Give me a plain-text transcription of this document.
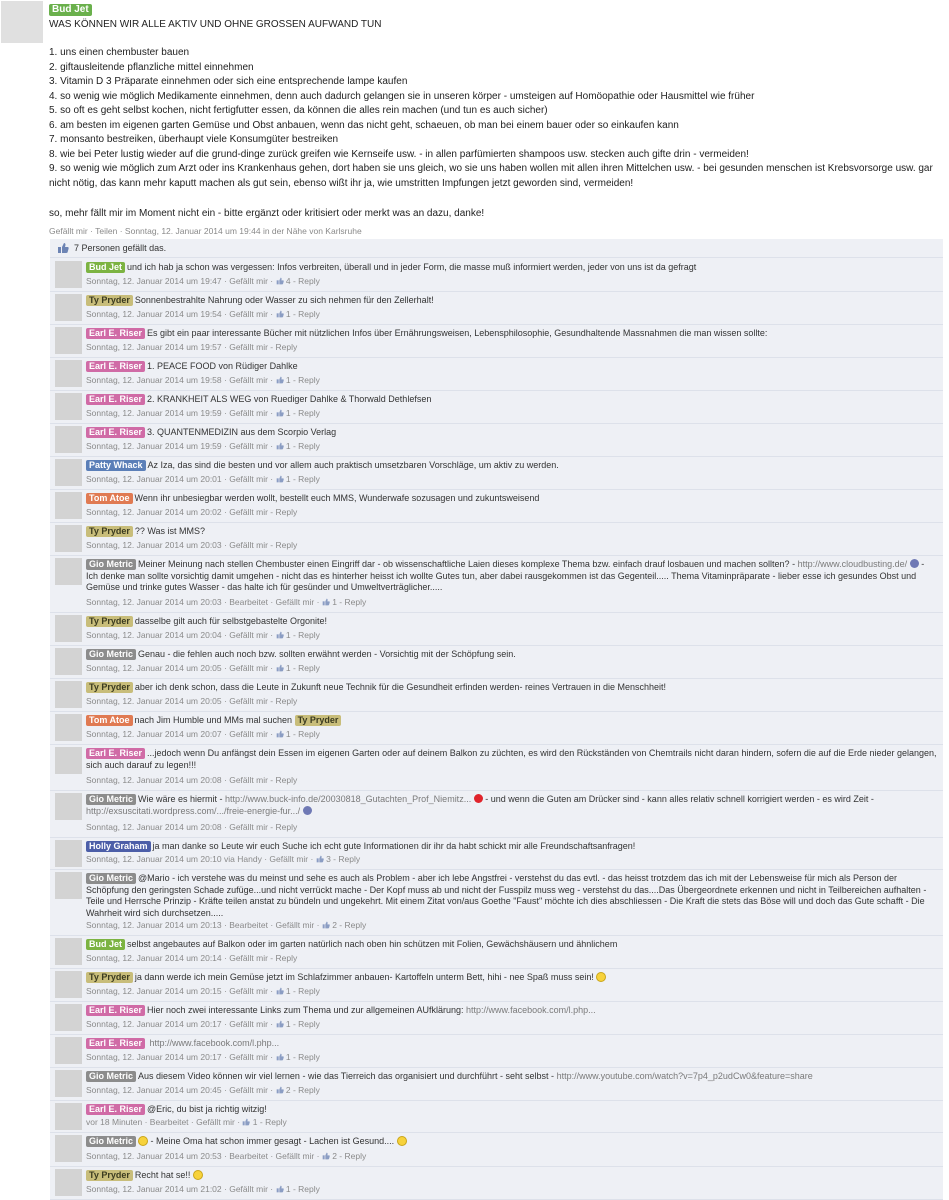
Bud Jet
WAS KÖNNEN WIR ALLE AKTIV UND OHNE GROSSEN AUFWAND TUN
1. uns einen chembuster bauen
2. giftausleitende pflanzliche mittel einnehmen
3. Vitamin D 3 Präparate einnehmen oder sich eine entsprechende lampe kaufen
4. so wenig wie möglich Medikamente einnehmen, denn auch dadurch gelangen sie in unseren körper - umsteigen auf Homöopathie oder Hausmittel wie früher
5. so oft es geht selbst kochen, nicht fertigfutter essen, da können die alles rein machen (und tun es auch sicher)
6. am besten im eigenen garten Gemüse und Obst anbauen, wenn das nicht geht, schaeuen, ob man bei einem bauer oder so einkaufen kann
7. monsanto bestreiken, überhaupt viele Konsumgüter bestreiken
8. wie bei Peter lustig wieder auf die grund-dinge zurück greifen wie Kernseife usw. - in allen parfümierten shampoos usw. stecken auch gifte drin - vermeiden!
9. so wenig wie möglich zum Arzt oder ins Krankenhaus gehen, dort haben sie uns gleich, wo sie uns haben wollen mit allen ihren Mittelchen usw. - bei gesunden menschen ist Krebsvorsorge usw. gar nicht nötig, das kann mehr kaputt machen als gut sein, ebenso wißt ihr ja, wie umstritten Impfungen jetzt geworden sind, vermeiden!
so, mehr fällt mir im Moment nicht ein - bitte ergänzt oder kritisiert oder merkt was an dazu, danke!
Gefällt mir · Teilen · Sonntag, 12. Januar 2014 um 19:44 in der Nähe von Karlsruhe
7 Personen gefällt das.
Bud Jet und ich hab ja schon was vergessen: Infos verbreiten, überall und in jeder Form, die masse muß informiert werden, jeder von uns ist da gefragt
Sonntag, 12. Januar 2014 um 19:47 · Gefällt mir ·  4 - Reply
Ty Pryder Sonnenbestrahlte Nahrung oder Wasser zu sich nehmen für den Zellerhalt!
Sonntag, 12. Januar 2014 um 19:54 · Gefällt mir ·  1 - Reply
Earl E. Riser Es gibt ein paar interessante Bücher mit nützlichen Infos über Ernährungsweisen, Lebensphilosophie, Gesundhaltende Massnahmen die man wissen sollte:
Sonntag, 12. Januar 2014 um 19:57 · Gefällt mir - Reply
Earl E. Riser 1. PEACE FOOD von Rüdiger Dahlke
Sonntag, 12. Januar 2014 um 19:58 · Gefällt mir ·  1 - Reply
Earl E. Riser 2. KRANKHEIT ALS WEG von Ruediger Dahlke & Thorwald Dethlefsen
Sonntag, 12. Januar 2014 um 19:59 · Gefällt mir ·  1 - Reply
Earl E. Riser 3. QUANTENMEDIZIN aus dem Scorpio Verlag
Sonntag, 12. Januar 2014 um 19:59 · Gefällt mir ·  1 - Reply
Patty Whack Az Iza, das sind die besten und vor allem auch praktisch umsetzbaren Vorschläge, um aktiv zu werden.
Sonntag, 12. Januar 2014 um 20:01 · Gefällt mir ·  1 - Reply
Tom Atoe Wenn ihr unbesiegbar werden wollt, bestellt euch MMS, Wunderwafe sozusagen und zukuntsweisend
Sonntag, 12. Januar 2014 um 20:02 · Gefällt mir - Reply
Ty Pryder ?? Was ist MMS?
Sonntag, 12. Januar 2014 um 20:03 · Gefällt mir - Reply
Gio Metric Meiner Meinung nach stellen Chembuster einen Eingriff dar - ob wissenschaftliche Laien dieses komplexe Thema bzw. einfach drauf losbauen und machen sollten? - http://www.cloudbusting.de/ - Ich denke man sollte vorsichtig damit umgehen - nicht das es hinterher heisst ich wollte Gutes tun, aber dabei rausgekommen ist das Gegenteil..... Thema Vitaminpräparate - lieber esse ich gesundes Obst und Gemüse und trinke gutes Wasser - das halte ich für gesünder und Umweltverträglicher.....
Sonntag, 12. Januar 2014 um 20:03 · Bearbeitet · Gefällt mir ·  1 - Reply
Ty Pryder dasselbe gilt auch für selbstgebastelte Orgonite!
Sonntag, 12. Januar 2014 um 20:04 · Gefällt mir ·  1 - Reply
Gio Metric Genau - die fehlen auch noch bzw. sollten erwähnt werden - Vorsichtig mit der Schöpfung sein.
Sonntag, 12. Januar 2014 um 20:05 · Gefällt mir ·  1 - Reply
Ty Pryder aber ich denk schon, dass die Leute in Zukunft neue Technik für die Gesundheit erfinden werden- reines Vertrauen in die Menschheit!
Sonntag, 12. Januar 2014 um 20:05 · Gefällt mir - Reply
Tom Atoe nach Jim Humble und MMs mal suchen Ty Pryder
Sonntag, 12. Januar 2014 um 20:07 · Gefällt mir ·  1 - Reply
Earl E. Riser ...jedoch wenn Du anfängst dein Essen im eigenen Garten oder auf deinem Balkon zu züchten, es wird den Rückständen von Chemtrails nicht daran hindern, sofern die auf die Erde nieder gelangen, sich auch darauf zu legen!!!
Sonntag, 12. Januar 2014 um 20:08 · Gefällt mir - Reply
Gio Metric Wie wäre es hiermit - http://www.buck-info.de/20030818_Gutachten_Prof_Niemitz... - und wenn die Guten am Drücker sind - kann alles relativ schnell korrigiert werden - es wird Zeit - http://exsuscitati.wordpress.com/.../freie-energie-fur.../
Sonntag, 12. Januar 2014 um 20:08 · Gefällt mir - Reply
Holly Graham ja man danke so Leute wir euch Suche ich echt gute Informationen dir ihr da habt schickt mir alle Freundschaftsanfragen!
Sonntag, 12. Januar 2014 um 20:10 via Handy · Gefällt mir ·  3 - Reply
Gio Metric @Mario - ich verstehe was du meinst und sehe es auch als Problem - aber ich lebe Angstfrei - verstehst du das evtl. - das heisst trotzdem das ich mit der Lebensweise für mich als Person der Schöpfung den geringsten Schade zufüge...und nicht verrückt mache - Der Kopf muss ab und nicht der Fusspilz muss weg - verstehst du das....Das Übergeordnete erkennen und nicht in Teilbereichen aufhalten - Teile und Herrsche Prinzip - Kräfte teilen anstat zu bündeln und ungekehrt. Mit einem Zitat von/aus Goethe "Faust" möchte ich dies abschliessen - Die Kraft die stets das Böse will und doch das Gute schafft - Die Wahrheit wird sich durchsetzen.....
Sonntag, 12. Januar 2014 um 20:13 · Bearbeitet · Gefällt mir ·  2 - Reply
Bud Jet selbst angebautes auf Balkon oder im garten natürlich nach oben hin schützen mit Folien, Gewächshäusern und ähnlichem
Sonntag, 12. Januar 2014 um 20:14 · Gefällt mir - Reply
Ty Pryder ja dann werde ich mein Gemüse jetzt im Schlafzimmer anbauen- Kartoffeln unterm Bett, hihi - nee Spaß muss sein!
Sonntag, 12. Januar 2014 um 20:15 · Gefällt mir ·  1 - Reply
Earl E. Riser Hier noch zwei interessante Links zum Thema und zur allgemeinen AUfklärung: http://www.facebook.com/l.php...
Sonntag, 12. Januar 2014 um 20:17 · Gefällt mir ·  1 - Reply
Earl E. Riser http://www.facebook.com/l.php...
Sonntag, 12. Januar 2014 um 20:17 · Gefällt mir ·  1 - Reply
Gio Metric Aus diesem Video können wir viel lernen - wie das Tierreich das organisiert und durchführt - seht selbst - http://www.youtube.com/watch?v=7p4_p2udCw0&feature=share
Sonntag, 12. Januar 2014 um 20:45 · Gefällt mir ·  2 - Reply
Earl E. Riser @Eric, du bist ja richtig witzig!
vor 18 Minuten · Bearbeitet · Gefällt mir ·  1 - Reply
Gio Metric - Meine Oma hat schon immer gesagt - Lachen ist Gesund....
Sonntag, 12. Januar 2014 um 20:53 · Bearbeitet · Gefällt mir ·  2 - Reply
Ty Pryder Recht hat se!!
Sonntag, 12. Januar 2014 um 21:02 · Gefällt mir ·  1 - Reply
